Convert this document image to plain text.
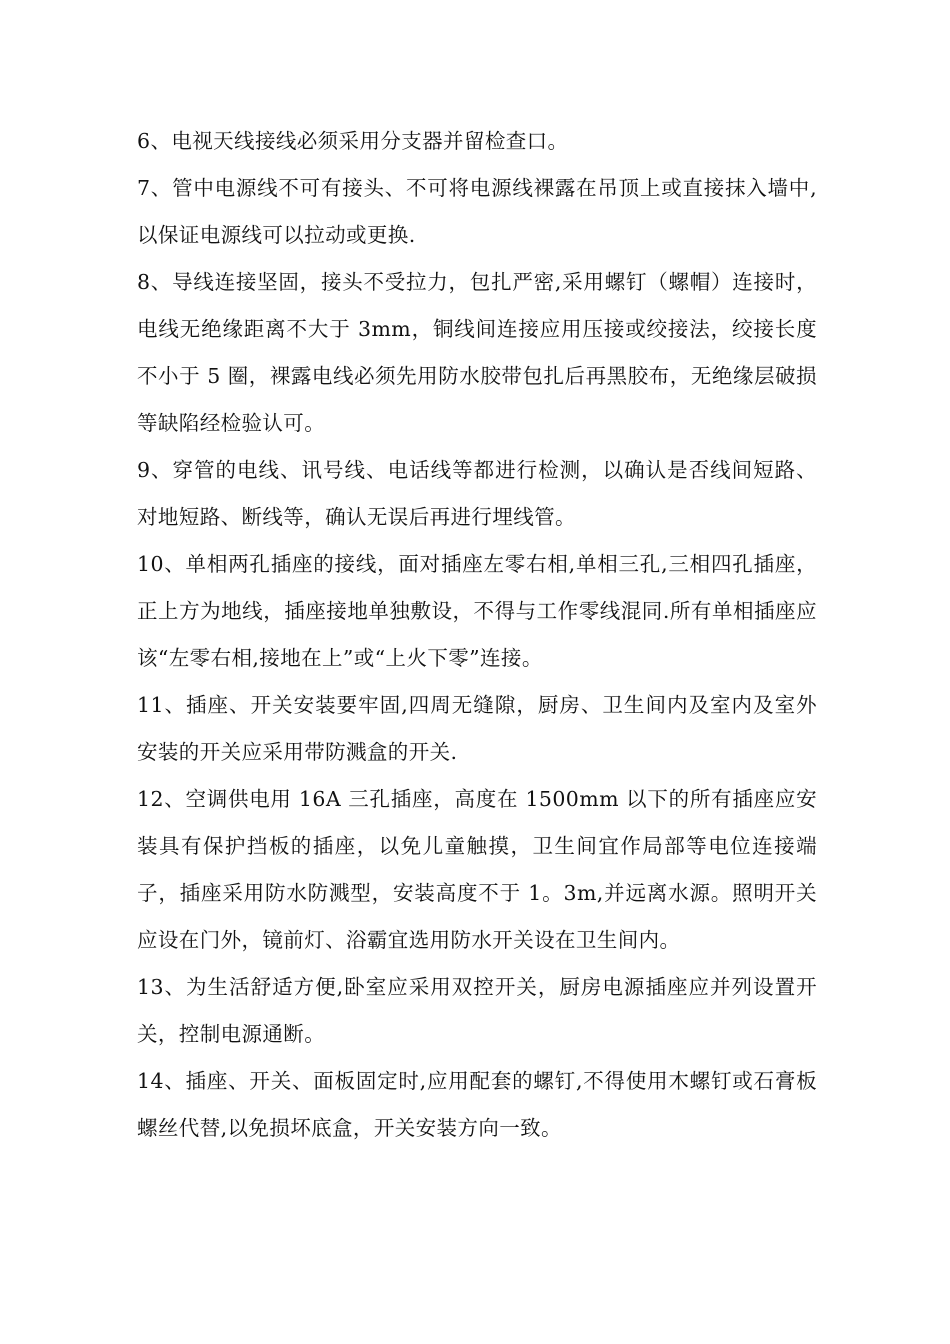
6、电视天线接线必须采用分支器并留检查口。

7、管中电源线不可有接头、不可将电源线裸露在吊顶上或直接抹入墙中,以保证电源线可以拉动或更换.

8、导线连接坚固，接头不受拉力，包扎严密,采用螺钉（螺帽）连接时，电线无绝缘距离不大于 3mm，铜线间连接应用压接或绞接法，绞接长度不小于 5 圈，裸露电线必须先用防水胶带包扎后再黑胶布，无绝缘层破损等缺陷经检验认可。

9、穿管的电线、讯号线、电话线等都进行检测，以确认是否线间短路、对地短路、断线等，确认无误后再进行埋线管。

10、单相两孔插座的接线，面对插座左零右相,单相三孔,三相四孔插座，正上方为地线，插座接地单独敷设，不得与工作零线混同.所有单相插座应该“左零右相,接地在上”或“上火下零”连接。

11、插座、开关安装要牢固,四周无缝隙，厨房、卫生间内及室内及室外安装的开关应采用带防溅盒的开关.

12、空调供电用 16A 三孔插座，高度在 1500mm 以下的所有插座应安装具有保护挡板的插座，以免儿童触摸，卫生间宜作局部等电位连接端子，插座采用防水防溅型，安装高度不于 1。3m,并远离水源。照明开关应设在门外，镜前灯、浴霸宜选用防水开关设在卫生间内。

13、为生活舒适方便,卧室应采用双控开关，厨房电源插座应并列设置开关，控制电源通断。

14、插座、开关、面板固定时,应用配套的螺钉,不得使用木螺钉或石膏板螺丝代替,以免损坏底盒，开关安装方向一致。
